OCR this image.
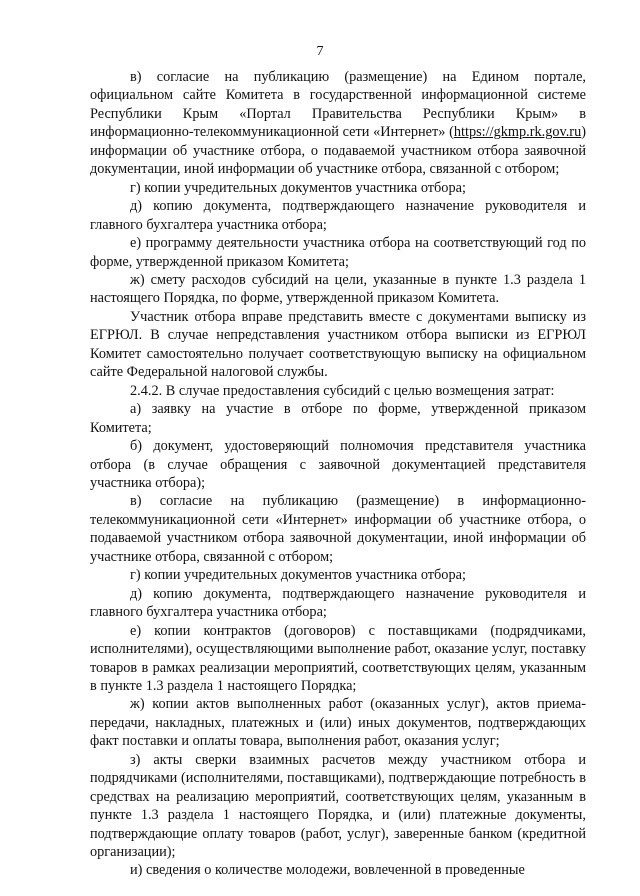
7

в) согласие на публикацию (размещение) на Едином портале, официальном сайте Комитета в государственной информационной системе Республики Крым «Портал Правительства Республики Крым» в информационно-телекоммуникационной сети «Интернет» (https://gkmp.rk.gov.ru) информации об участнике отбора, о подаваемой участником отбора заявочной документации, иной информации об участнике отбора, связанной с отбором;

г) копии учредительных документов участника отбора;

д) копию документа, подтверждающего назначение руководителя и главного бухгалтера участника отбора;

е) программу деятельности участника отбора на соответствующий год по форме, утвержденной приказом Комитета;

ж) смету расходов субсидий на цели, указанные в пункте 1.3 раздела 1 настоящего Порядка, по форме, утвержденной приказом Комитета.

Участник отбора вправе представить вместе с документами выписку из ЕГРЮЛ. В случае непредставления участником отбора выписки из ЕГРЮЛ Комитет самостоятельно получает соответствующую выписку на официальном сайте Федеральной налоговой службы.

2.4.2. В случае предоставления субсидий с целью возмещения затрат:

а) заявку на участие в отборе по форме, утвержденной приказом Комитета;

б) документ, удостоверяющий полномочия представителя участника отбора (в случае обращения с заявочной документацией представителя участника отбора);

в) согласие на публикацию (размещение) в информационно-телекоммуникационной сети «Интернет» информации об участнике отбора, о подаваемой участником отбора заявочной документации, иной информации об участнике отбора, связанной с отбором;

г) копии учредительных документов участника отбора;

д) копию документа, подтверждающего назначение руководителя и главного бухгалтера участника отбора;

е) копии контрактов (договоров) с поставщиками (подрядчиками, исполнителями), осуществляющими выполнение работ, оказание услуг, поставку товаров в рамках реализации мероприятий, соответствующих целям, указанным в пункте 1.3 раздела 1 настоящего Порядка;

ж) копии актов выполненных работ (оказанных услуг), актов приема-передачи, накладных, платежных и (или) иных документов, подтверждающих факт поставки и оплаты товара, выполнения работ, оказания услуг;

з) акты сверки взаимных расчетов между участником отбора и подрядчиками (исполнителями, поставщиками), подтверждающие потребность в средствах на реализацию мероприятий, соответствующих целям, указанным в пункте 1.3 раздела 1 настоящего Порядка, и (или) платежные документы, подтверждающие оплату товаров (работ, услуг), заверенные банком (кредитной организации);

и) сведения о количестве молодежи, вовлеченной в проведенные
